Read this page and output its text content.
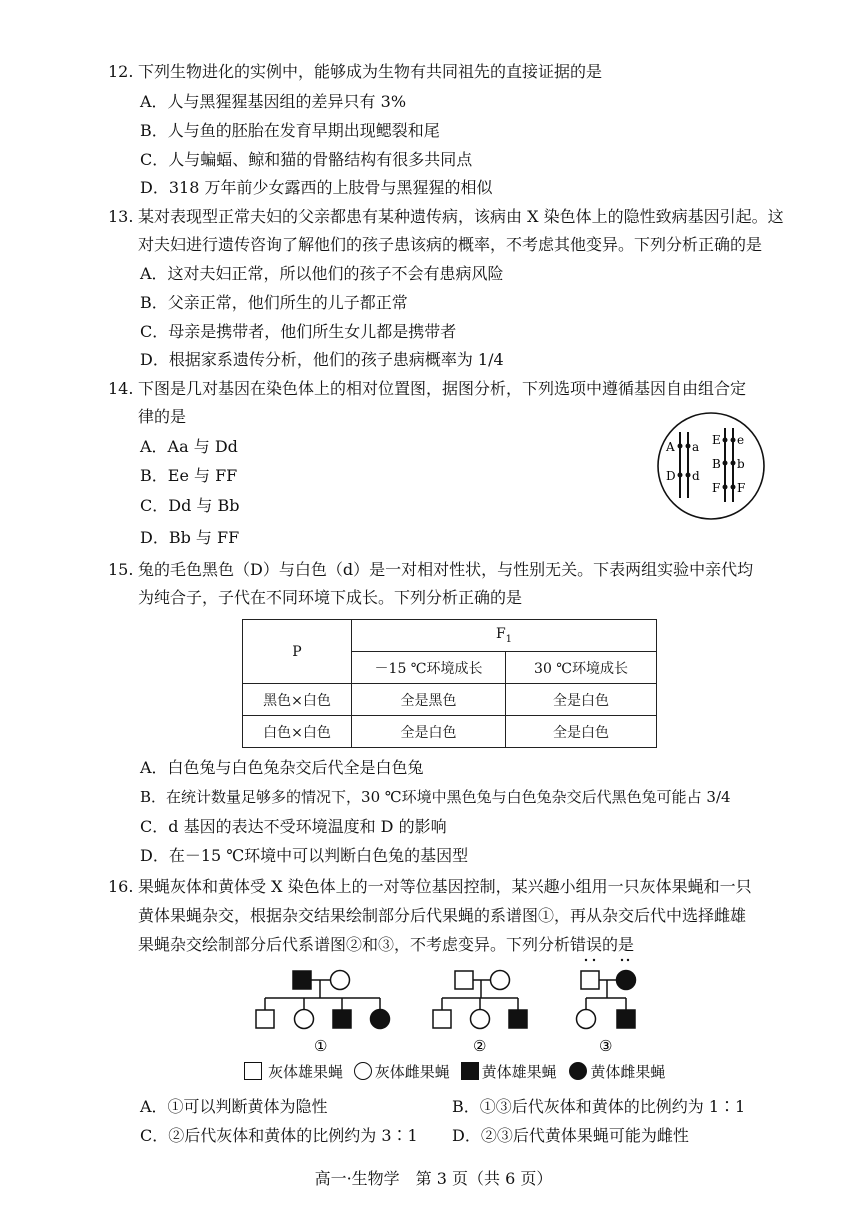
12. 下列生物进化的实例中，能够成为生物有共同祖先的直接证据的是
A．人与黑猩猩基因组的差异只有 3%
B．人与鱼的胚胎在发育早期出现鳃裂和尾
C．人与蝙蝠、鲸和猫的骨骼结构有很多共同点
D．318 万年前少女露西的上肢骨与黑猩猩的相似
13. 某对表现型正常夫妇的父亲都患有某种遗传病，该病由 X 染色体上的隐性致病基因引起。这
对夫妇进行遗传咨询了解他们的孩子患该病的概率，不考虑其他变异。下列分析正确的是
A．这对夫妇正常，所以他们的孩子不会有患病风险
B．父亲正常，他们所生的儿子都正常
C．母亲是携带者，他们所生女儿都是携带者
D．根据家系遗传分析，他们的孩子患病概率为 1/4
14. 下图是几对基因在染色体上的相对位置图，据图分析，下列选项中遵循基因自由组合定
律的是
A．Aa 与 Dd
B．Ee 与 FF
C．Dd 与 Bb
D．Bb 与 FF
A a
D d
E e
B b
F F
15. 兔的毛色黑色（D）与白色（d）是一对相对性状，与性别无关。下表两组实验中亲代均
为纯合子，子代在不同环境下成长。下列分析正确的是
P	$F_1$
	－15 ℃环境成长	30 ℃环境成长
黑色×白色	全是黑色	全是白色
白色×白色	全是白色	全是白色
A．白色兔与白色兔杂交后代全是白色兔
B．在统计数量足够多的情况下，30 ℃环境中黑色兔与白色兔杂交后代黑色兔可能占 3/4
C．d 基因的表达不受环境温度和 D 的影响
D．在－15 ℃环境中可以判断白色兔的基因型
16. 果蝇灰体和黄体受 X 染色体上的一对等位基因控制，某兴趣小组用一只灰体果蝇和一只
黄体果蝇杂交，根据杂交结果绘制部分后代果蝇的系谱图①，再从杂交后代中选择雌雄
果蝇杂交绘制部分后代系谱图②和③，不考虑变异。下列分析错误的是
①	②	③
灰体雄果蝇 灰体雌果蝇 黄体雄果蝇 黄体雌果蝇
A．①可以判断黄体为隐性	B．①③后代灰体和黄体的比例约为 1∶1
C．②后代灰体和黄体的比例约为 3∶1 D．②③后代黄体果蝇可能为雌性
高一·生物学　第 3 页（共 6 页）
